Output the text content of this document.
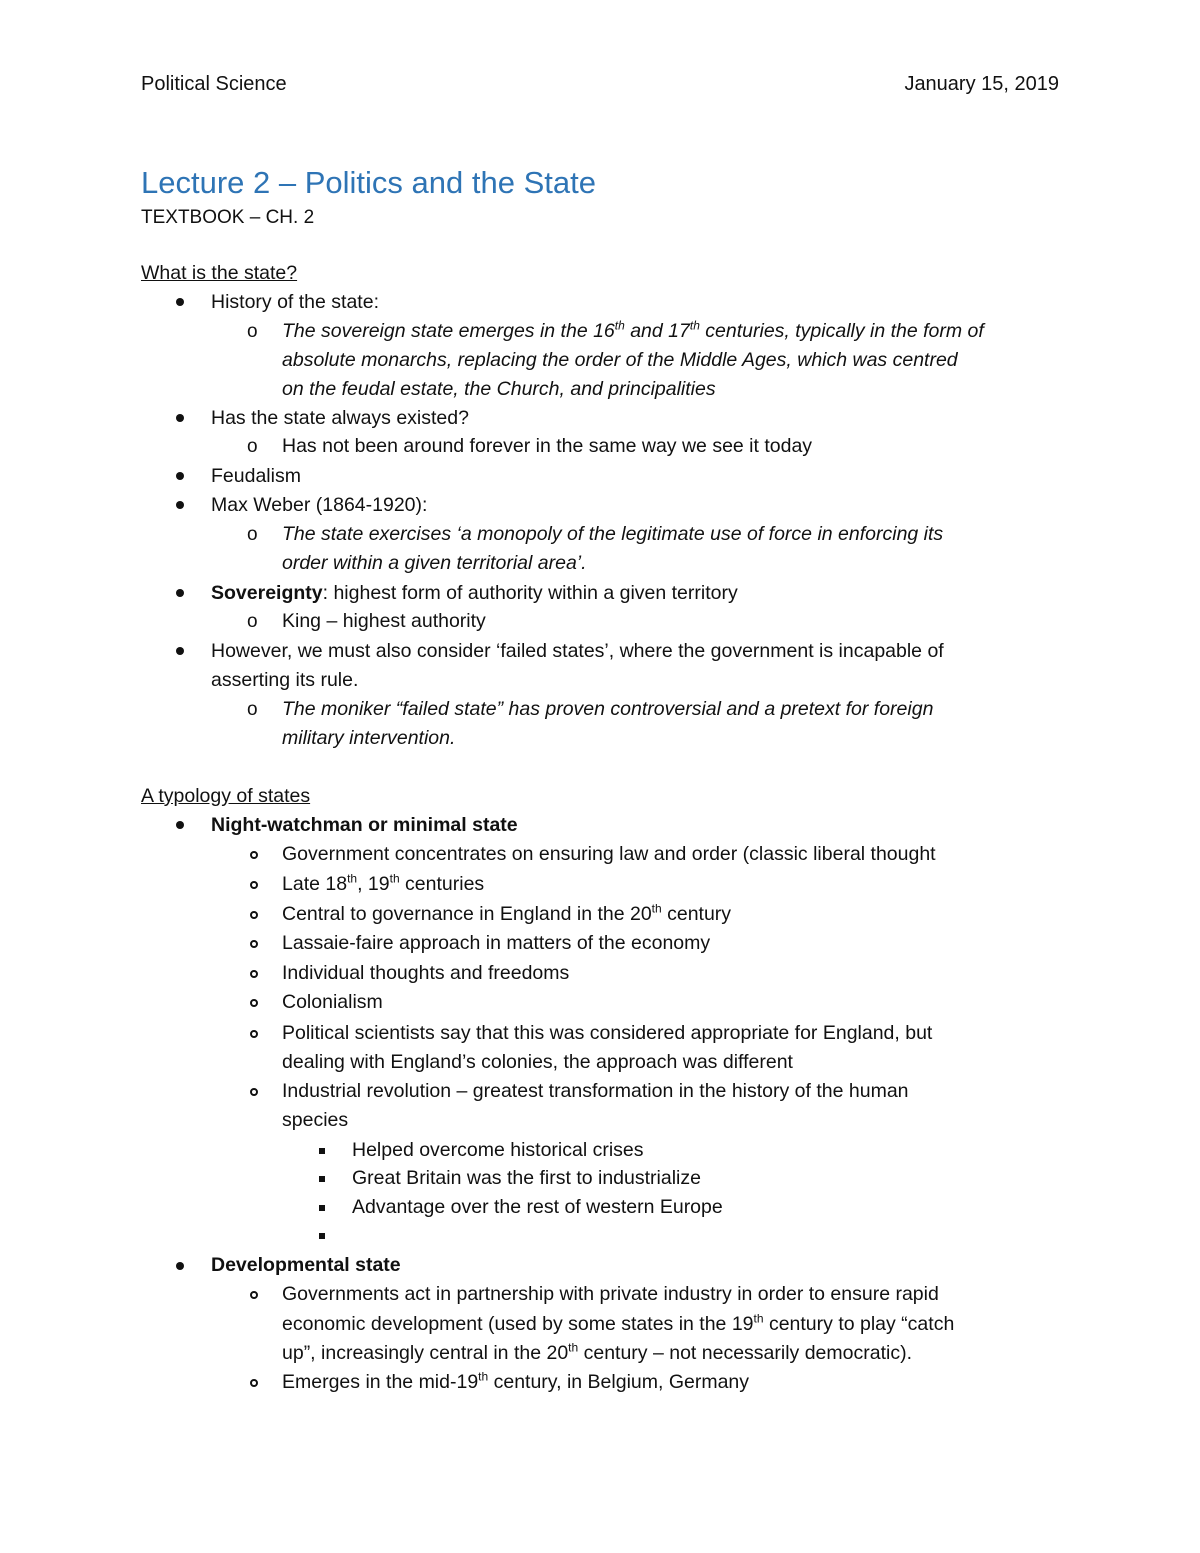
Political Science	January 15, 2019
Lecture 2 – Politics and the State
TEXTBOOK – CH. 2
What is the state?
History of the state:
o The sovereign state emerges in the 16th and 17th centuries, typically in the form of
absolute monarchs, replacing the order of the Middle Ages, which was centred
on the feudal estate, the Church, and principalities
Has the state always existed?
o Has not been around forever in the same way we see it today
Feudalism
Max Weber (1864-1920):
o The state exercises ‘a monopoly of the legitimate use of force in enforcing its
order within a given territorial area’.
Sovereignty: highest form of authority within a given territory
o King – highest authority
However, we must also consider ‘failed states’, where the government is incapable of
asserting its rule.
o The moniker “failed state” has proven controversial and a pretext for foreign
military intervention.
A typology of states
Night-watchman or minimal state
Government concentrates on ensuring law and order (classic liberal thought
Late 18th, 19th centuries
Central to governance in England in the 20th century
Lassaie-faire approach in matters of the economy
Individual thoughts and freedoms
Colonialism
Political scientists say that this was considered appropriate for England, but
dealing with England’s colonies, the approach was different
Industrial revolution – greatest transformation in the history of the human
species
Helped overcome historical crises
Great Britain was the first to industrialize
Advantage over the rest of western Europe
Developmental state
Governments act in partnership with private industry in order to ensure rapid
economic development (used by some states in the 19th century to play “catch
up”, increasingly central in the 20th century – not necessarily democratic).
Emerges in the mid-19th century, in Belgium, Germany
